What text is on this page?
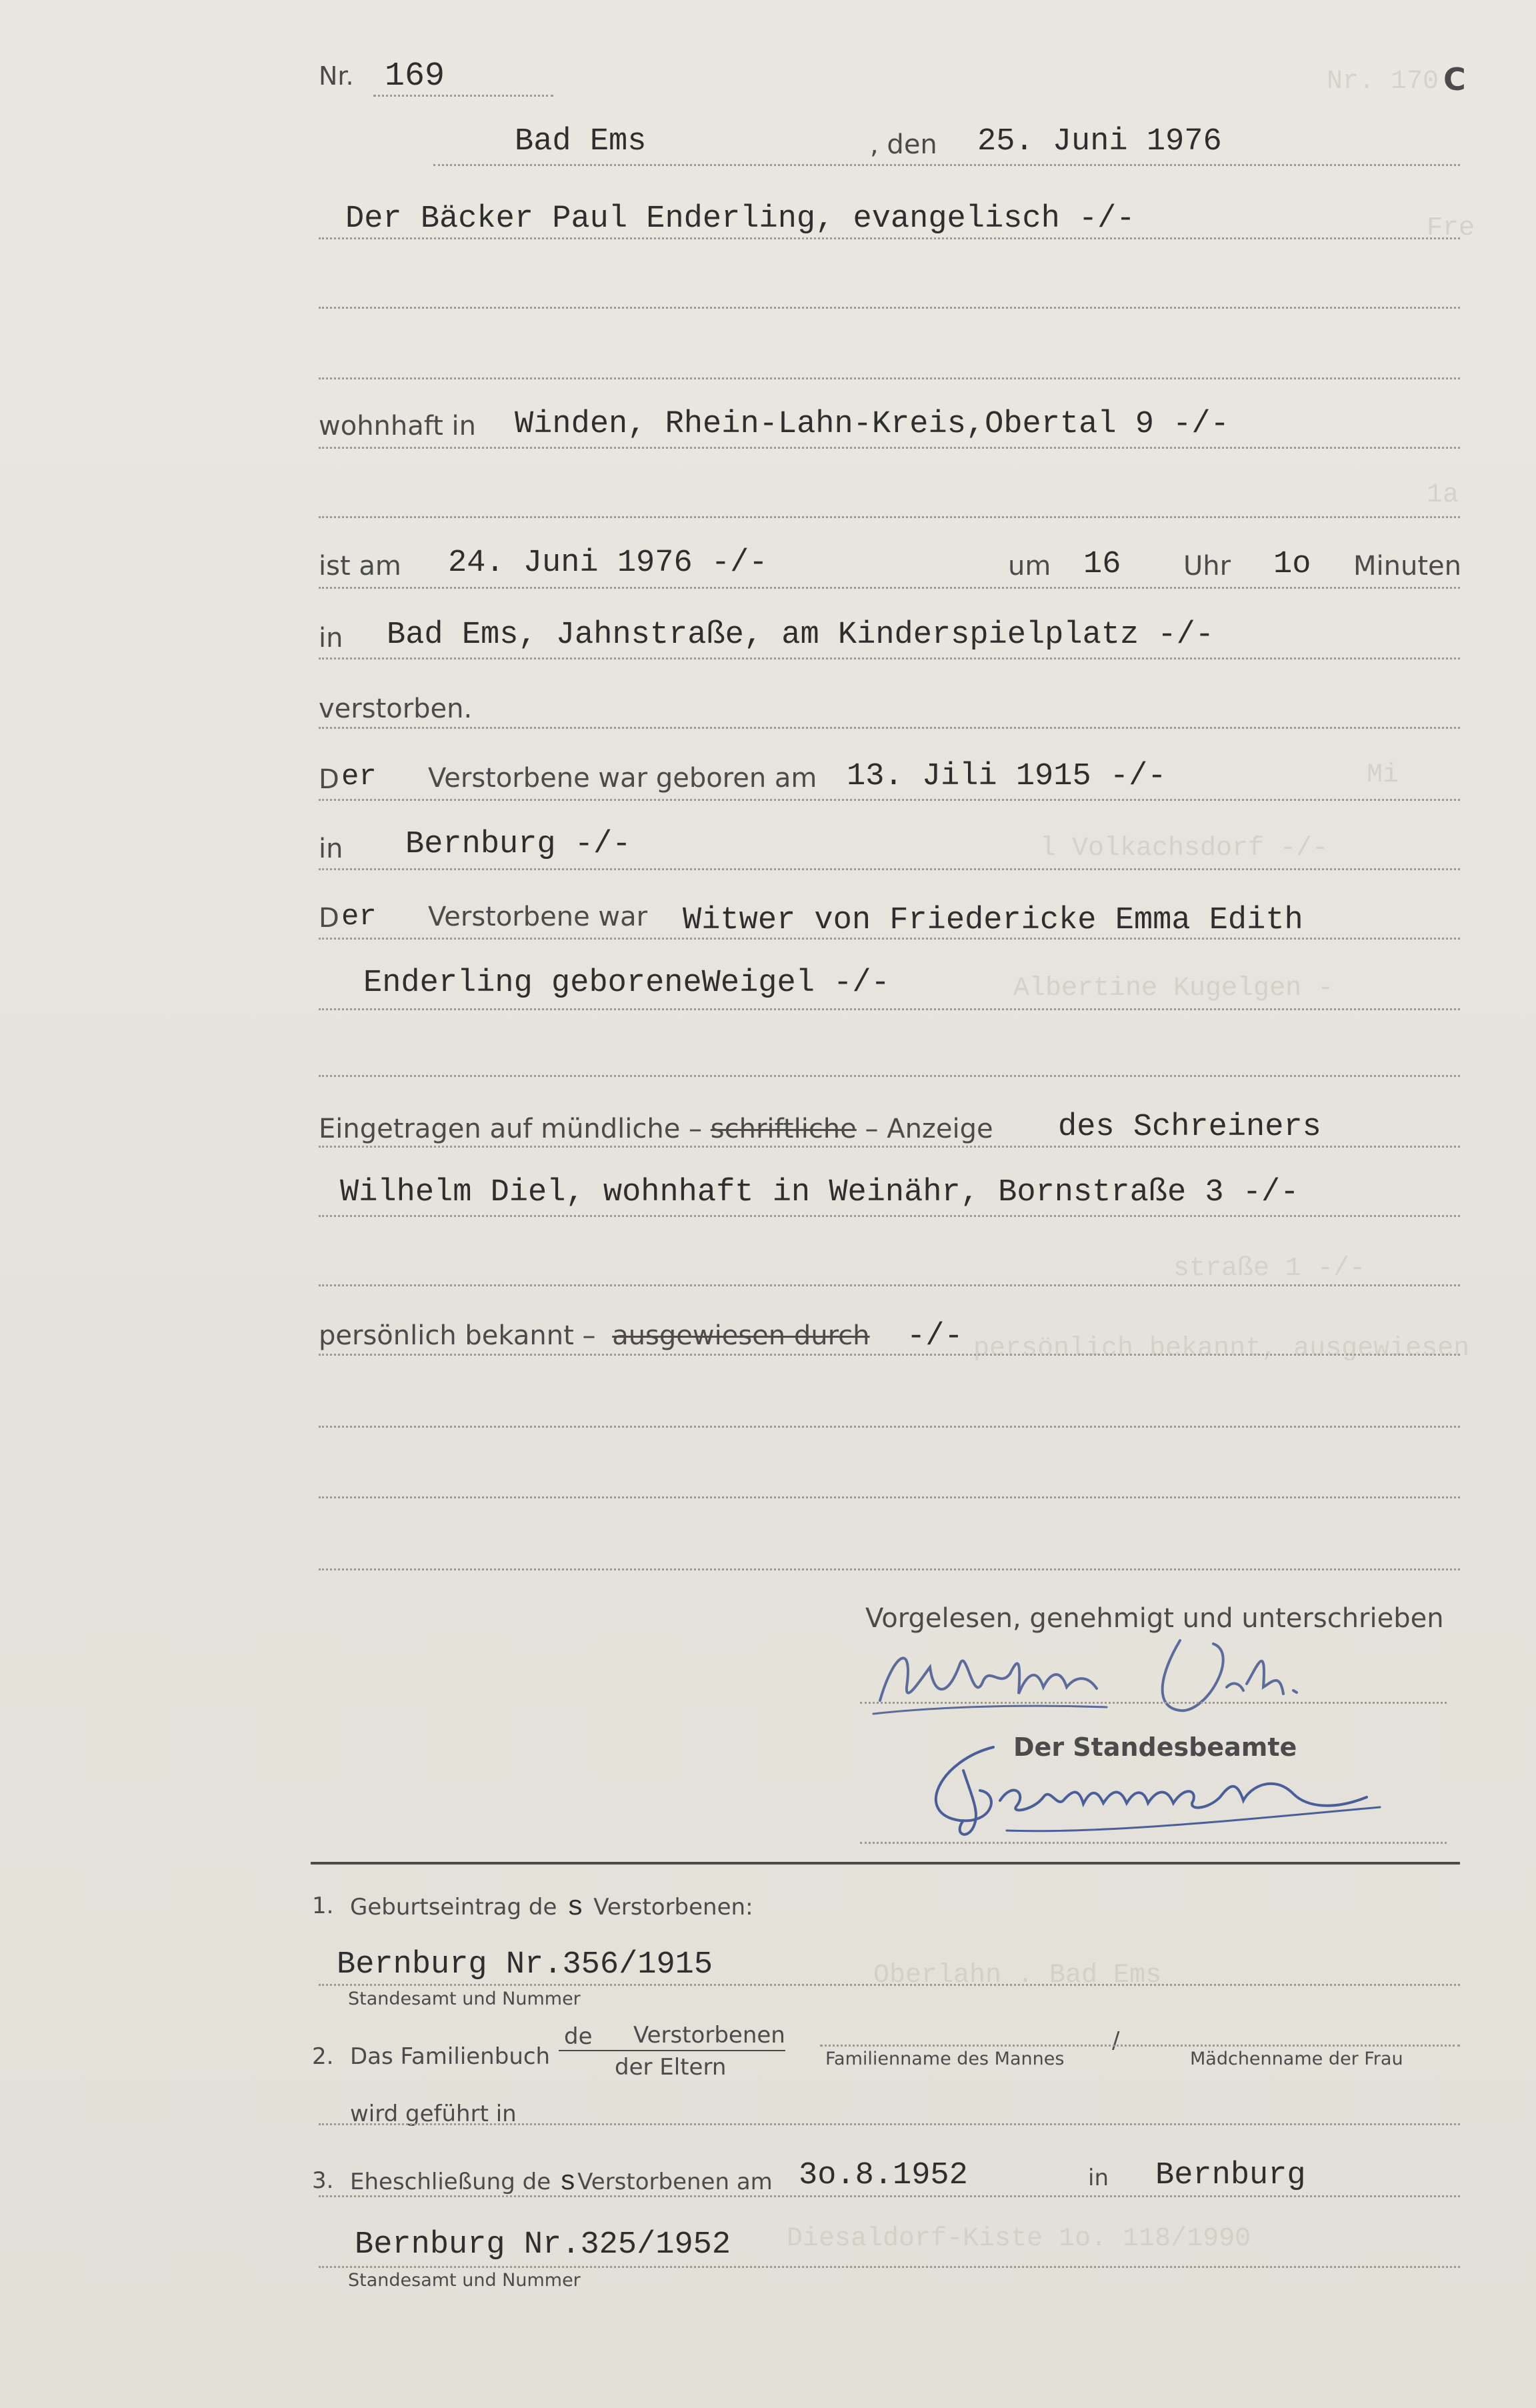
Nr. 170
Fre
1a
Mi
l Volkachsdorf -/-
Albertine Kugelgen -
straße 1 -/-
persönlich bekannt, ausgewiesen
Oberlahn . Bad Ems
Diesaldorf-Kiste 1o. 118/1990
Nr. 169	C
Bad Ems	, den 25. Juni 1976
Der Bäcker Paul Enderling, evangelisch -/-
wohnhaft in Winden, Rhein-Lahn-Kreis,Obertal 9 -/-
ist am 24. Juni 1976 -/-	um 16 Uhr 1o Minuten
in Bad Ems, Jahnstraße, am Kinderspielplatz -/-
verstorben.
D er Verstorbene war geboren am 13. Jili 1915 -/-
in Bernburg -/-
D er Verstorbene war Witwer von Friedericke Emma Edith
Enderling geboreneWeigel -/-
Eingetragen auf mündliche – schriftliche – Anzeige des Schreiners
Wilhelm Diel, wohnhaft in Weinähr, Bornstraße 3 -/-
persönlich bekannt – ausgewiesen durch -/-
Vorgelesen, genehmigt und unterschrieben
Der Standesbeamte
1. Geburtseintrag de s Verstorbenen:
Bernburg Nr.356/1915
Standesamt und Nummer
2. Das Familienbuch
de Verstorbenen
der Eltern	Familienname des Mannes
/
Mädchenname der Frau
wird geführt in
3. Eheschließung de sVerstorbenen am 3o.8.1952	in Bernburg
Bernburg Nr.325/1952
Standesamt und Nummer
